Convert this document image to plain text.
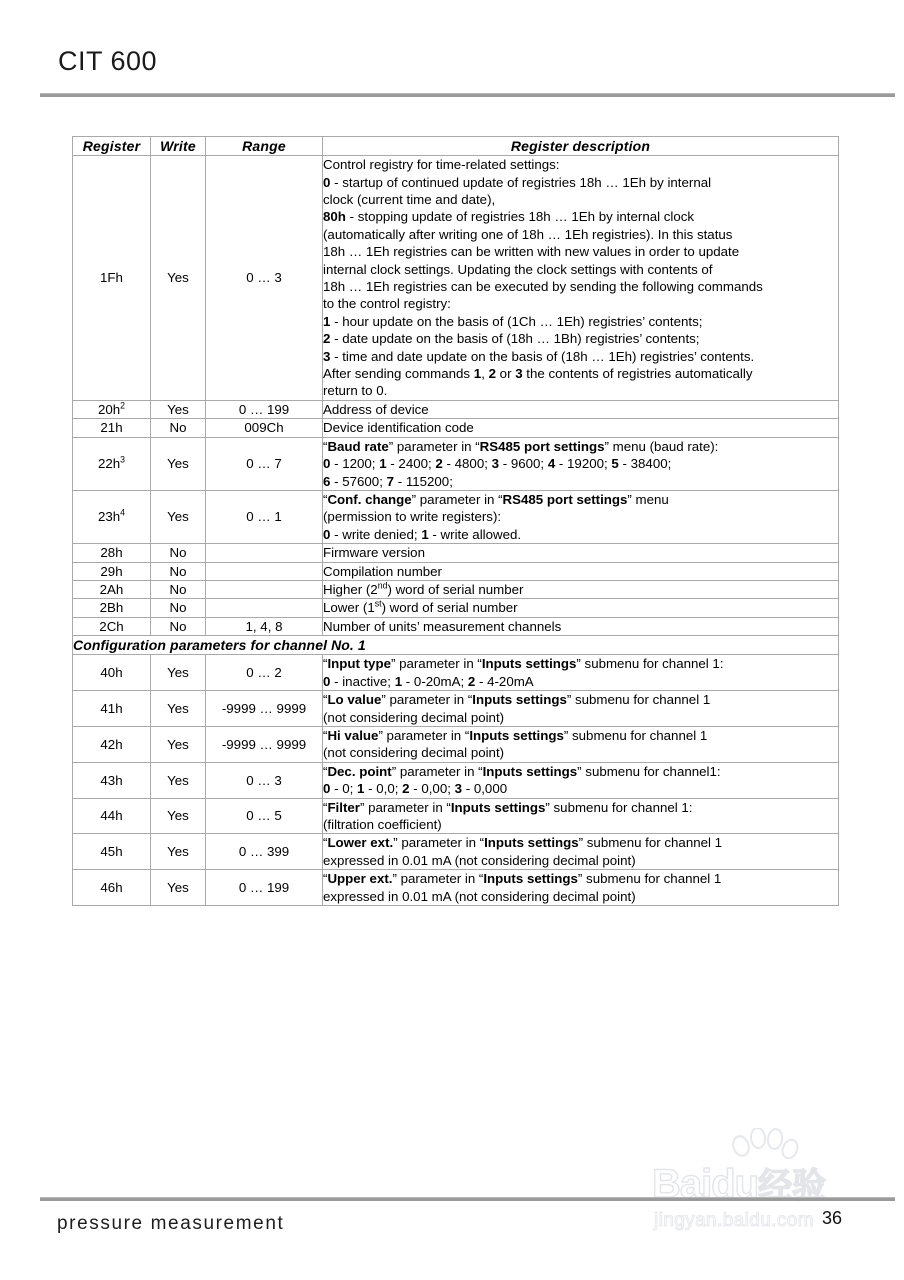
CIT 600
Register	Write	Range	Register description
1Fh	Yes	0 … 3	
Control registry for time-related settings:
0 - startup of continued update of registries 18h … 1Eh by internal
clock (current time and date),
80h - stopping update of registries 18h … 1Eh by internal clock
(automatically after writing one of 18h … 1Eh registries). In this status
18h … 1Eh registries can be written with new values in order to update
internal clock settings. Updating the clock settings with contents of
18h … 1Eh registries can be executed by sending the following commands
to the control registry:
1 - hour update on the basis of (1Ch … 1Eh) registries’ contents;
2 - date update on the basis of (18h … 1Bh) registries’ contents;
3 - time and date update on the basis of (18h … 1Eh) registries’ contents.
After sending commands 1, 2 or 3 the contents of registries automatically
return to 0.

$20h^2$	Yes	0 … 199	Address of device

21h	No	009Ch	Device identification code

$22h^3$	Yes	0 … 7	“Baud rate” parameter in “RS485 port settings” menu (baud rate):
0 - 1200; 1 - 2400; 2 - 4800; 3 - 9600; 4 - 19200; 5 - 38400;
6 - 57600; 7 - 115200;

$23h^4$	Yes	0 … 1	“Conf. change” parameter in “RS485 port settings” menu
(permission to write registers):
0 - write denied; 1 - write allowed.

28h	No		Firmware version

29h	No		Compilation number

2Ah	No		Higher (2nd) word of serial number

2Bh	No		Lower (1st) word of serial number

2Ch	No	1, 4, 8	Number of units’ measurement channels

Configuration parameters for channel No. 1			
40h	Yes	0 … 2	“Input type” parameter in “Inputs settings” submenu for channel 1:
0 - inactive; 1 - 0-20mA; 2 - 4-20mA

41h	Yes	-9999 … 9999	“Lo value” parameter in “Inputs settings” submenu for channel 1
(not considering decimal point)

42h	Yes	-9999 … 9999	“Hi value” parameter in “Inputs settings” submenu for channel 1
(not considering decimal point)

43h	Yes	0 … 3	“Dec. point” parameter in “Inputs settings” submenu for channel1:
0 - 0; 1 - 0,0; 2 - 0,00; 3 - 0,000

44h	Yes	0 … 5	“Filter” parameter in “Inputs settings” submenu for channel 1:
(filtration coefficient)

45h	Yes	0 … 399	“Lower ext.” parameter in “Inputs settings” submenu for channel 1
expressed in 0.01 mA (not considering decimal point)

46h	Yes	0 … 199	“Upper ext.” parameter in “Inputs settings” submenu for channel 1
expressed in 0.01 mA (not considering decimal point)
Baidu经验
jingyan.baidu.com
pressure measurement	36
